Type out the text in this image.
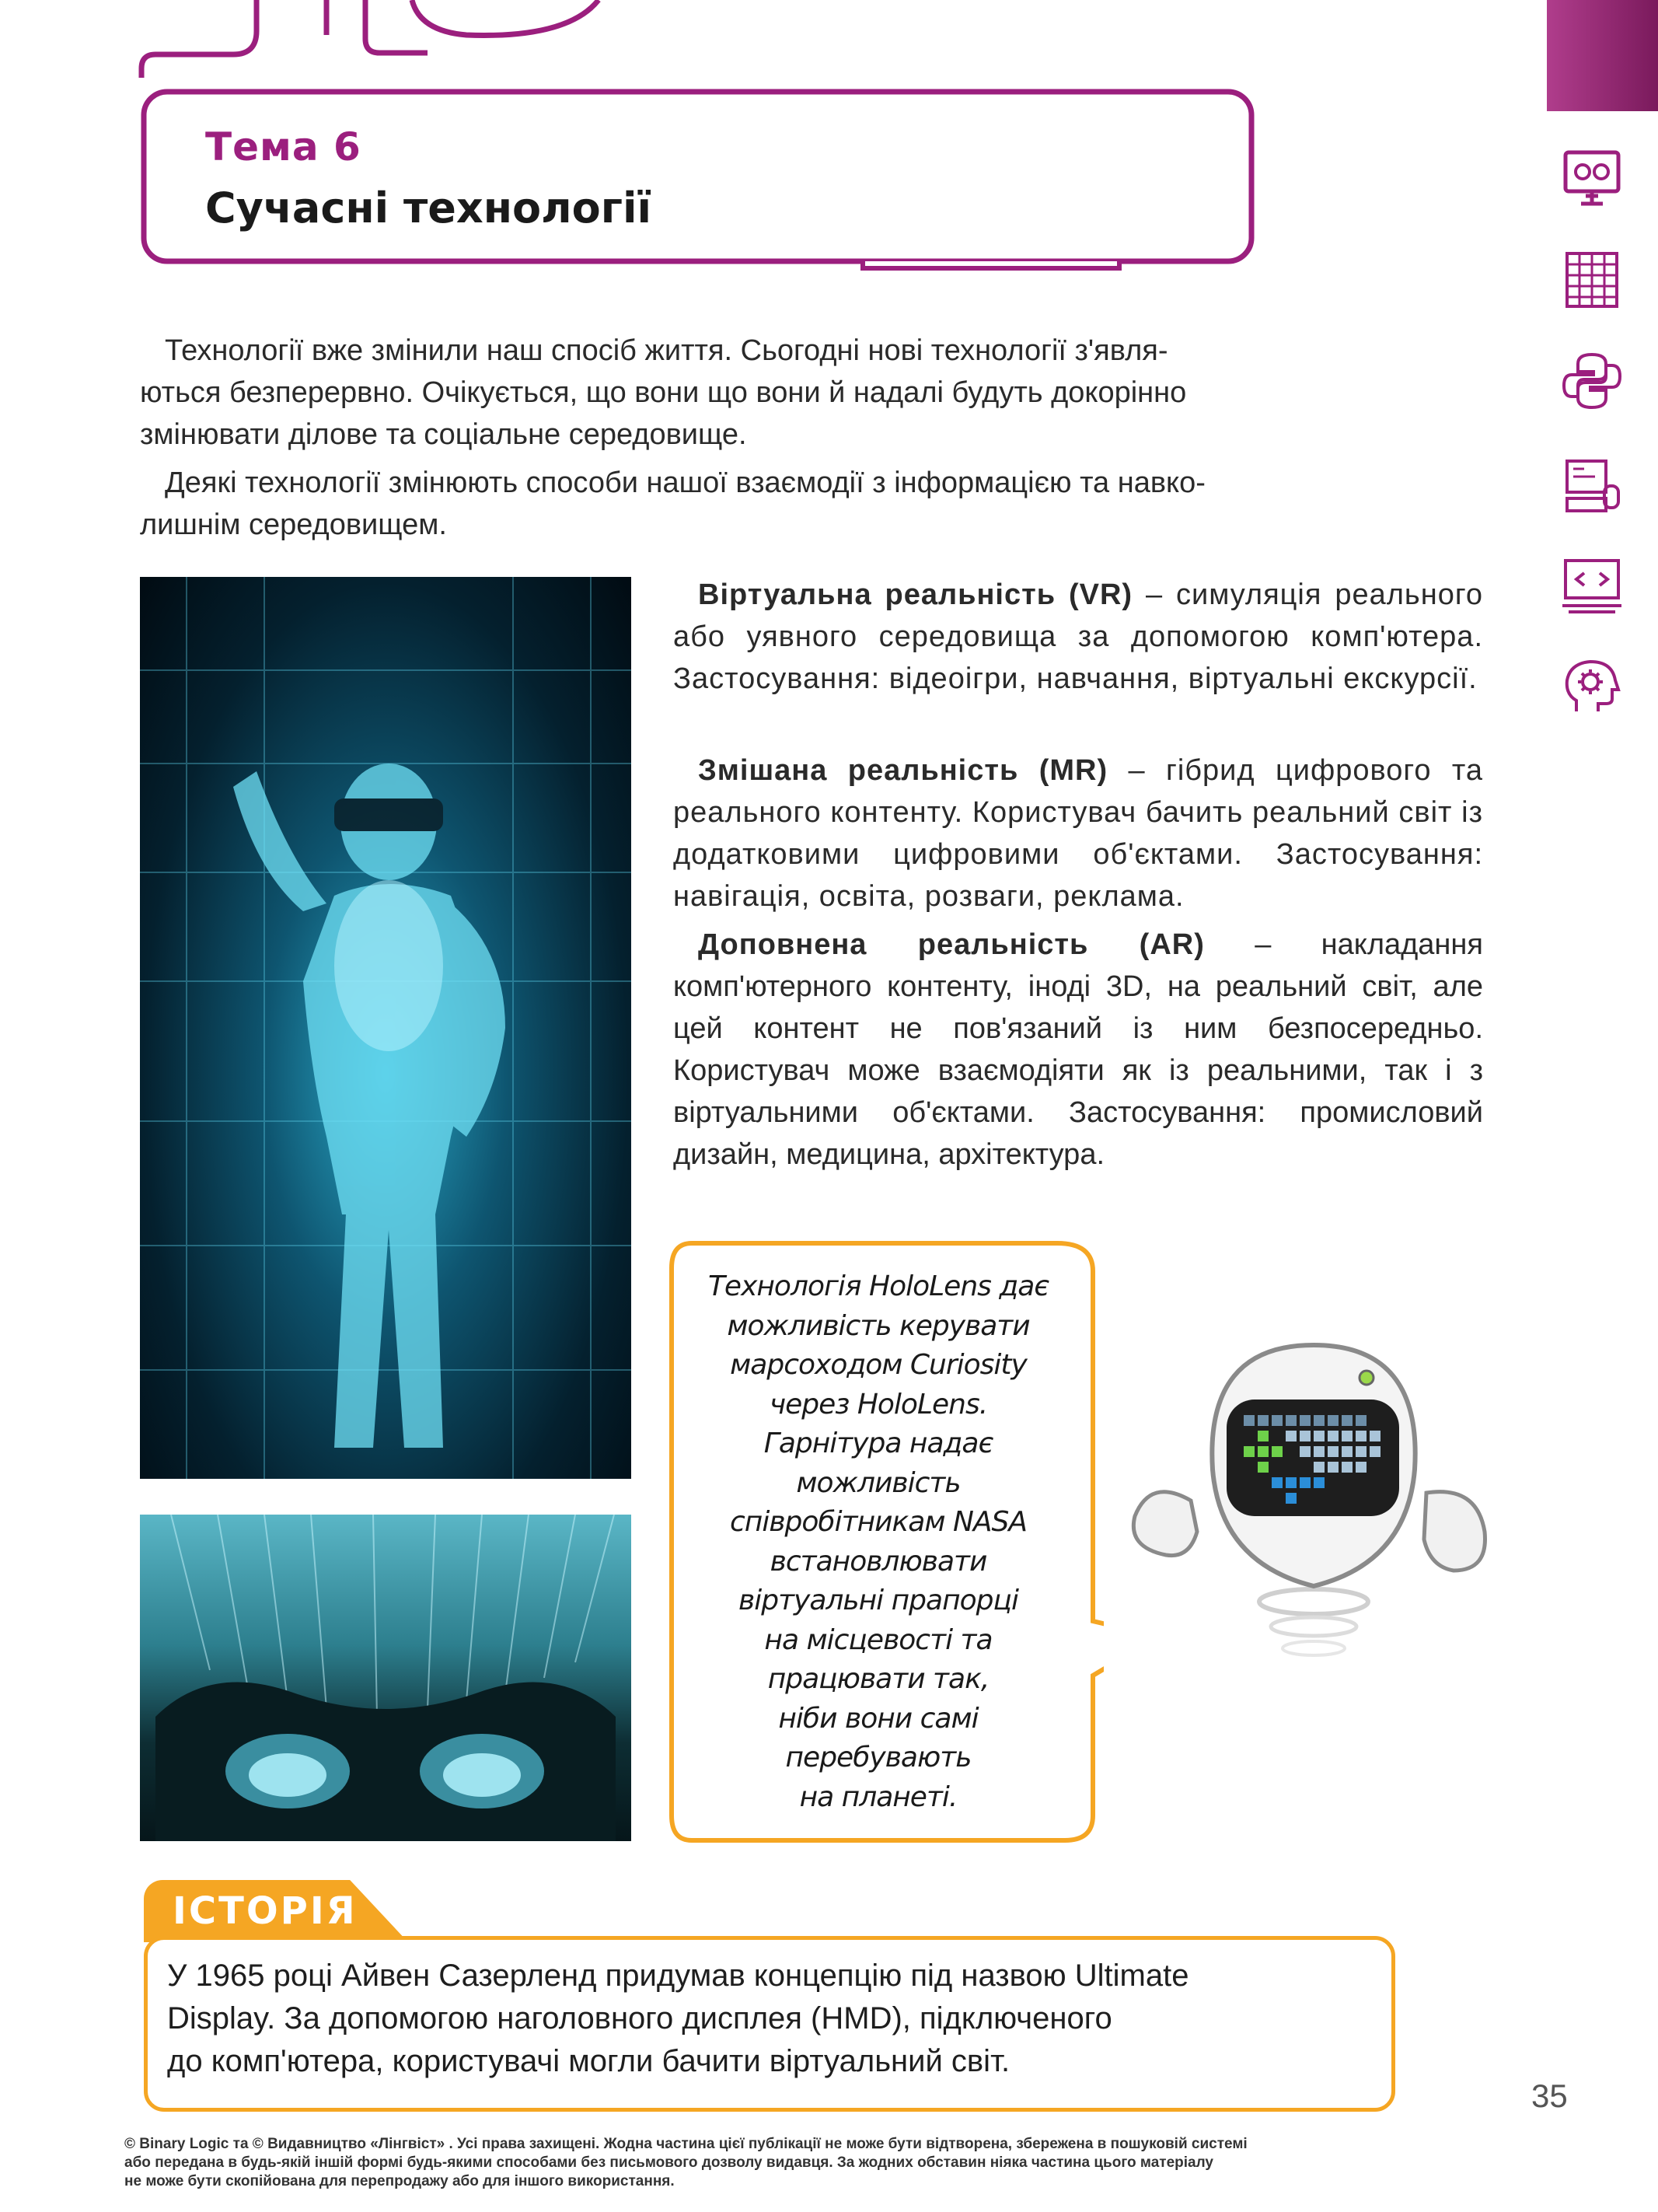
Тема 6
Сучасні технології
Технології вже змінили наш спосіб життя. Сьогодні нові технології з'явля-
ються безперервно. Очікується, що вони що вони й надалі будуть докорінно
змінювати ділове та соціальне середовище.
Деякі технології змінюють способи нашої взаємодії з інформацією та навко-
лишнім середовищем.
Віртуальна реальність (VR) – симуляція реального або уявного середовища за допомогою комп'ютера. Застосування: відеоігри, навчання, віртуальні екскурсії.
Змішана реальність (MR) – гібрид цифрового та реального контенту. Користувач бачить реальний світ із додатковими цифровими об'єктами. Застосування: навігація, освіта, розваги, реклама.
Доповнена реальність (AR) – накладання комп'ютерного контенту, іноді 3D, на реальний світ, але цей контент не пов'язаний із ним безпосередньо. Користувач може взаємодіяти як із реальними, так і з віртуальними об'єктами. Застосування: промисловий дизайн, медицина, архітектура.
Технологія HoloLens дає
можливість керувати
марсоходом Curiosity
через HoloLens.
Гарнітура надає
можливість
співробітникам NASA
встановлювати
віртуальні прапорці
на місцевості та
працювати так,
ніби вони самі
перебувають
на планеті.
ІСТОРІЯ
У 1965 році Айвен Сазерленд придумав концепцію під назвою Ultimate
Display. За допомогою наголовного дисплея (HMD), підключеного
до комп'ютера, користувачі могли бачити віртуальний світ.
35
© Binary Logic та © Видавництво «Лінгвіст» . Усі права захищені. Жодна частина цієї публікації не може бути відтворена, збережена в пошуковій системі
або передана в будь-якій іншій формі будь-якими способами без письмового дозволу видавця. За жодних обставин ніяка частина цього матеріалу
не може бути скопійована для перепродажу або для іншого використання.
